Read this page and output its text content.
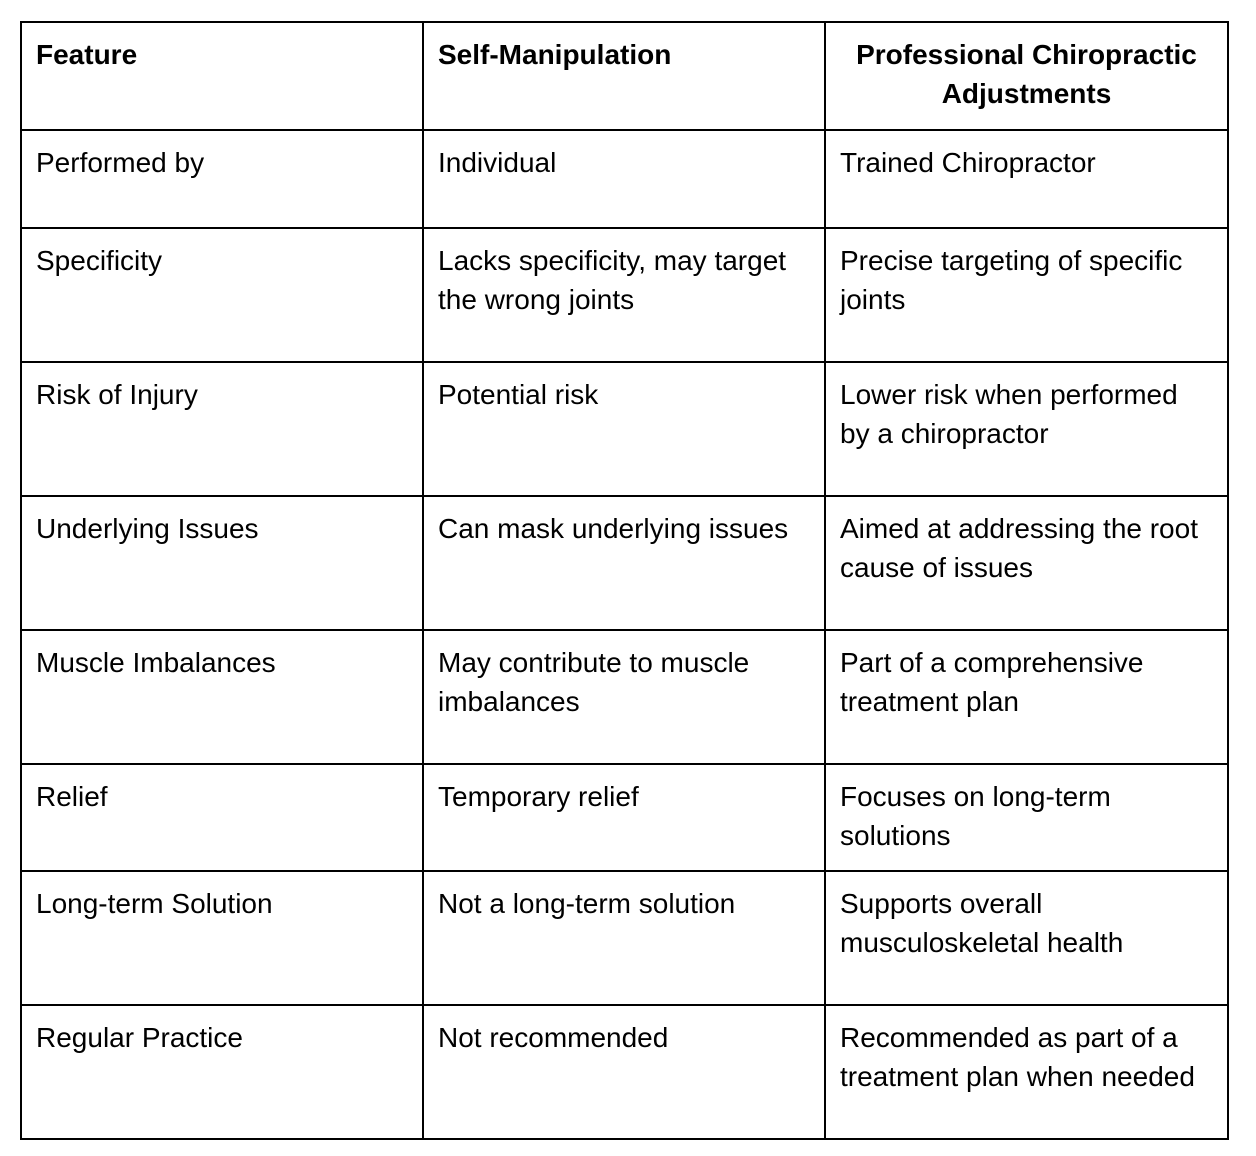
Feature	Self-Manipulation	Professional Chiropractic Adjustments
Performed by	Individual	Trained Chiropractor
Specificity	Lacks specificity, may target the wrong joints	Precise targeting of specific joints
Risk of Injury	Potential risk	Lower risk when performed by a chiropractor
Underlying Issues	Can mask underlying issues	Aimed at addressing the root cause of issues
Muscle Imbalances	May contribute to muscle imbalances	Part of a comprehensive treatment plan
Relief	Temporary relief	Focuses on long-term solutions
Long-term Solution	Not a long-term solution	Supports overall musculoskeletal health
Regular Practice	Not recommended	Recommended as part of a treatment plan when needed
